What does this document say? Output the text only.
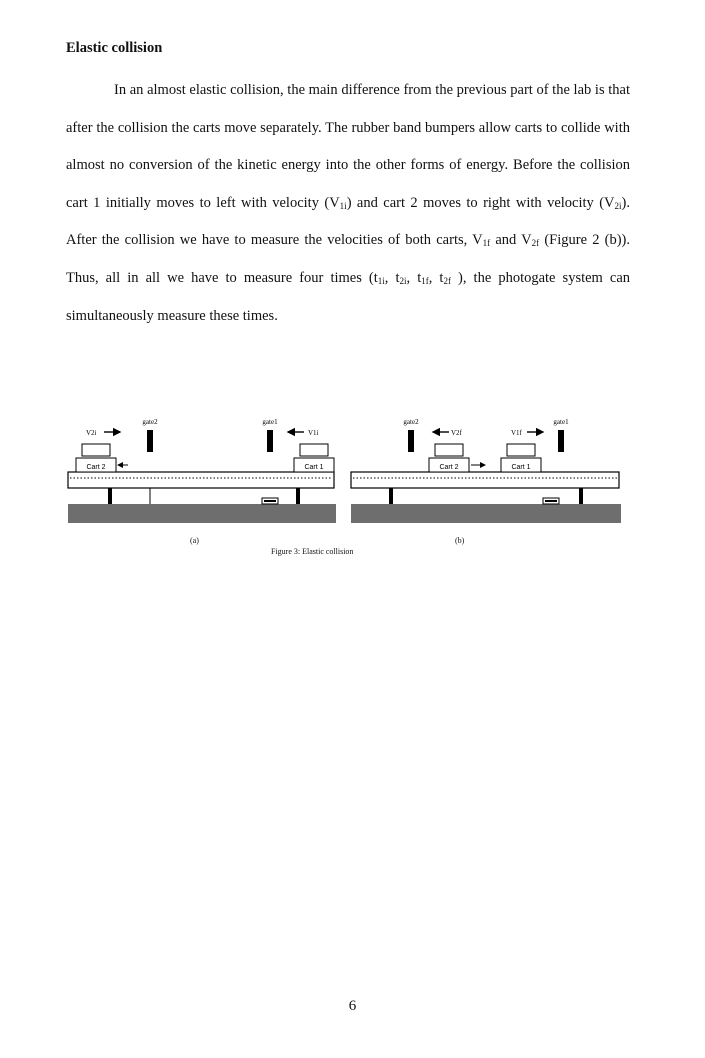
Elastic collision

In an almost elastic collision, the main difference from the previous part of the lab is that after the collision the carts move separately. The rubber band bumpers allow carts to collide with almost no conversion of the kinetic energy into the other forms of energy. Before the collision cart 1 initially moves to left with velocity $(V_{1i})$ and cart 2 moves to right with velocity $(V_{2i})$. After the collision we have to measure the velocities of both carts, $V_{1f}$ and $V_{2f}$ (Figure 2 (b)). Thus, all in all we have to measure four times ($t_{1i}$, $t_{2i}$, $t_{1f}$, $t_{2f}$ ), the photogate system can simultaneously measure these times.

Cart 2	Cart 1
gate2	gate1
V2i	V1i
Cart 2	Cart 1
gate2	gate1
V2f	V1f
(a)	(b)
Figure 3: Elastic collision
6
